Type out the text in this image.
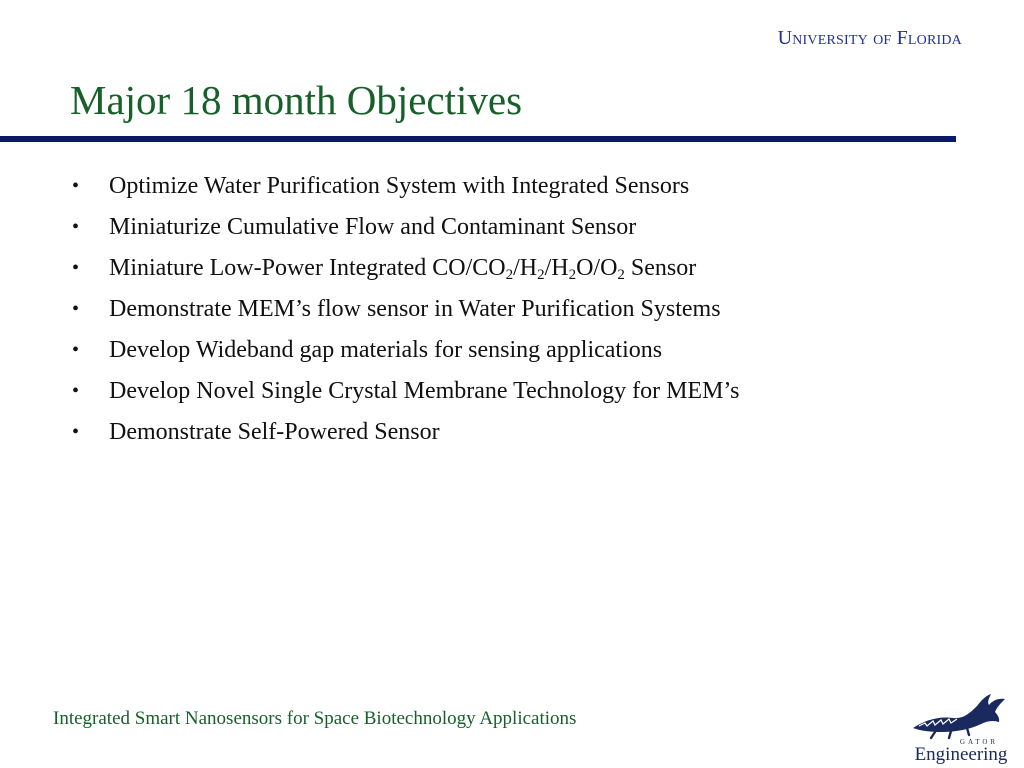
University of Florida
Major 18 month Objectives
• Optimize Water Purification System with Integrated Sensors
• Miniaturize Cumulative Flow and Contaminant Sensor
• Miniature Low-Power Integrated $CO/CO_2/H_2/H_2O/O_2$ Sensor
• Demonstrate MEM’s flow sensor in Water Purification Systems
• Develop Wideband gap materials for sensing applications
• Develop Novel Single Crystal Membrane Technology for MEM’s
• Demonstrate Self-Powered Sensor
Integrated Smart Nanosensors for Space Biotechnology Applications
GATOR
Engineering
